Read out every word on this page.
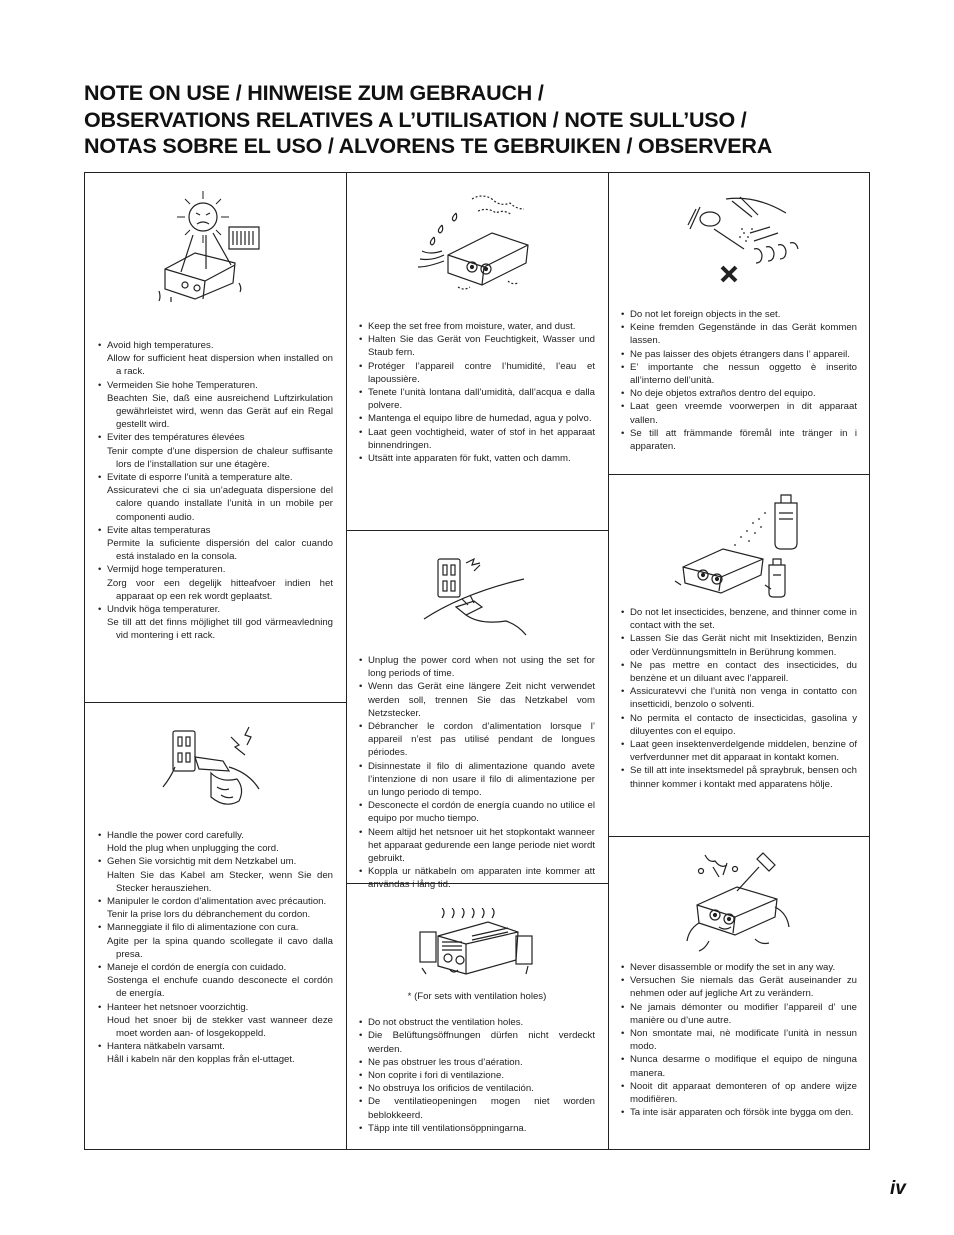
NOTE ON USE / HINWEISE ZUM GEBRAUCH /
OBSERVATIONS RELATIVES A L’UTILISATION / NOTE SULL’USO /
NOTAS SOBRE EL USO / ALVORENS TE GEBRUIKEN / OBSERVERA
• Avoid high temperatures.
Allow for sufficient heat dispersion when installed on a rack.
• Vermeiden Sie hohe Temperaturen.
Beachten Sie, daß eine ausreichend Luftzirkulation gewährleistet wird, wenn das Gerät auf ein Regal gestellt wird.
• Eviter des températures élevées
Tenir compte d’une dispersion de chaleur suffisante lors de l’installation sur une étagère.
• Evitate di esporre l’unità a temperature alte.
Assicuratevi che ci sia un’adeguata dispersione del calore quando installate l’unità in un mobile per componenti audio.
• Evite altas temperaturas
Permite la suficiente dispersión del calor cuando está instalado en la consola.
• Vermijd hoge temperaturen.
Zorg voor een degelijk hitteafvoer indien het apparaat op een rek wordt geplaatst.
• Undvik höga temperaturer.
Se till att det finns möjlighet till god värmeavledning vid montering i ett rack.
• Handle the power cord carefully.
Hold the plug when unplugging the cord.
• Gehen Sie vorsichtig mit dem Netzkabel um.
Halten Sie das Kabel am Stecker, wenn Sie den Stecker herausziehen.
• Manipuler le cordon d’alimentation avec précaution.
Tenir la prise lors du débranchement du cordon.
• Manneggiate il filo di alimentazione con cura.
Agite per la spina quando scollegate il cavo dalla presa.
• Maneje el cordón de energía con cuidado.
Sostenga el enchufe cuando desconecte el cordón de energía.
• Hanteer het netsnoer voorzichtig.
Houd het snoer bij de stekker vast wanneer deze moet worden aan- of losgekoppeld.
• Hantera nätkabeln varsamt.
Håll i kabeln när den kopplas från el-uttaget.
• Keep the set free from moisture, water, and dust.
• Halten Sie das Gerät von Feuchtigkeit, Wasser und Staub fern.
• Protéger l’appareil contre l’humidité, l’eau et lapoussière.
• Tenete l’unità lontana dall’umidità, dall’acqua e dalla polvere.
• Mantenga el equipo libre de humedad, agua y polvo.
• Laat geen vochtigheid, water of stof in het apparaat binnendringen.
• Utsätt inte apparaten för fukt, vatten och damm.
• Unplug the power cord when not using the set for long periods of time.
• Wenn das Gerät eine längere Zeit nicht verwendet werden soll, trennen Sie das Netzkabel vom Netzstecker.
• Débrancher le cordon d’alimentation lorsque l’ appareil n’est pas utilisé pendant de longues périodes.
• Disinnestate il filo di alimentazione quando avete l’intenzione di non usare il filo di alimentazione per un lungo periodo di tempo.
• Desconecte el cordón de energía cuando no utilice el equipo por mucho tiempo.
• Neem altijd het netsnoer uit het stopkontakt wanneer het apparaat gedurende een lange periode niet wordt gebruikt.
• Koppla ur nätkabeln om apparaten inte kommer att användas i lång tid.
* (For sets with ventilation holes)
• Do not obstruct the ventilation holes.
• Die Belüftungsöffnungen dürfen nicht verdeckt werden.
• Ne pas obstruer les trous d’aération.
• Non coprite i fori di ventilazione.
• No obstruya los orificios de ventilación.
• De ventilatieopeningen mogen niet worden beblokkeerd.
• Täpp inte till ventilationsöppningarna.
• Do not let foreign objects in the set.
• Keine fremden Gegenstände in das Gerät kommen lassen.
• Ne pas laisser des objets étrangers dans l’ appareil.
• E’ importante che nessun oggetto è inserito all’interno dell’unità.
• No deje objetos extraños dentro del equipo.
• Laat geen vreemde voorwerpen in dit apparaat vallen.
• Se till att främmande föremål inte tränger in i apparaten.
• Do not let insecticides, benzene, and thinner come in contact with the set.
• Lassen Sie das Gerät nicht mit Insektiziden, Benzin oder Verdünnungsmitteln in Berührung kommen.
• Ne pas mettre en contact des insecticides, du benzène et un diluant avec l’appareil.
• Assicuratevvi che l’unità non venga in contatto con insetticidi, benzolo o solventi.
• No permita el contacto de insecticidas, gasolina y diluyentes con el equipo.
• Laat geen insektenverdelgende middelen, benzine of verfverdunner met dit apparaat in kontakt komen.
• Se till att inte insektsmedel på spraybruk, bensen och thinner kommer i kontakt med apparatens hölje.
• Never disassemble or modify the set in any way.
• Versuchen Sie niemals das Gerät auseinander zu nehmen oder auf jegliche Art zu verändern.
• Ne jamais démonter ou modifier l’appareil d’ une manière ou d’une autre.
• Non smontate mai, nè modificate l’unità in nessun modo.
• Nunca desarme o modifique el equipo de ninguna manera.
• Nooit dit apparaat demonteren of op andere wijze modifiëren.
• Ta inte isär apparaten och försök inte bygga om den.
iv
